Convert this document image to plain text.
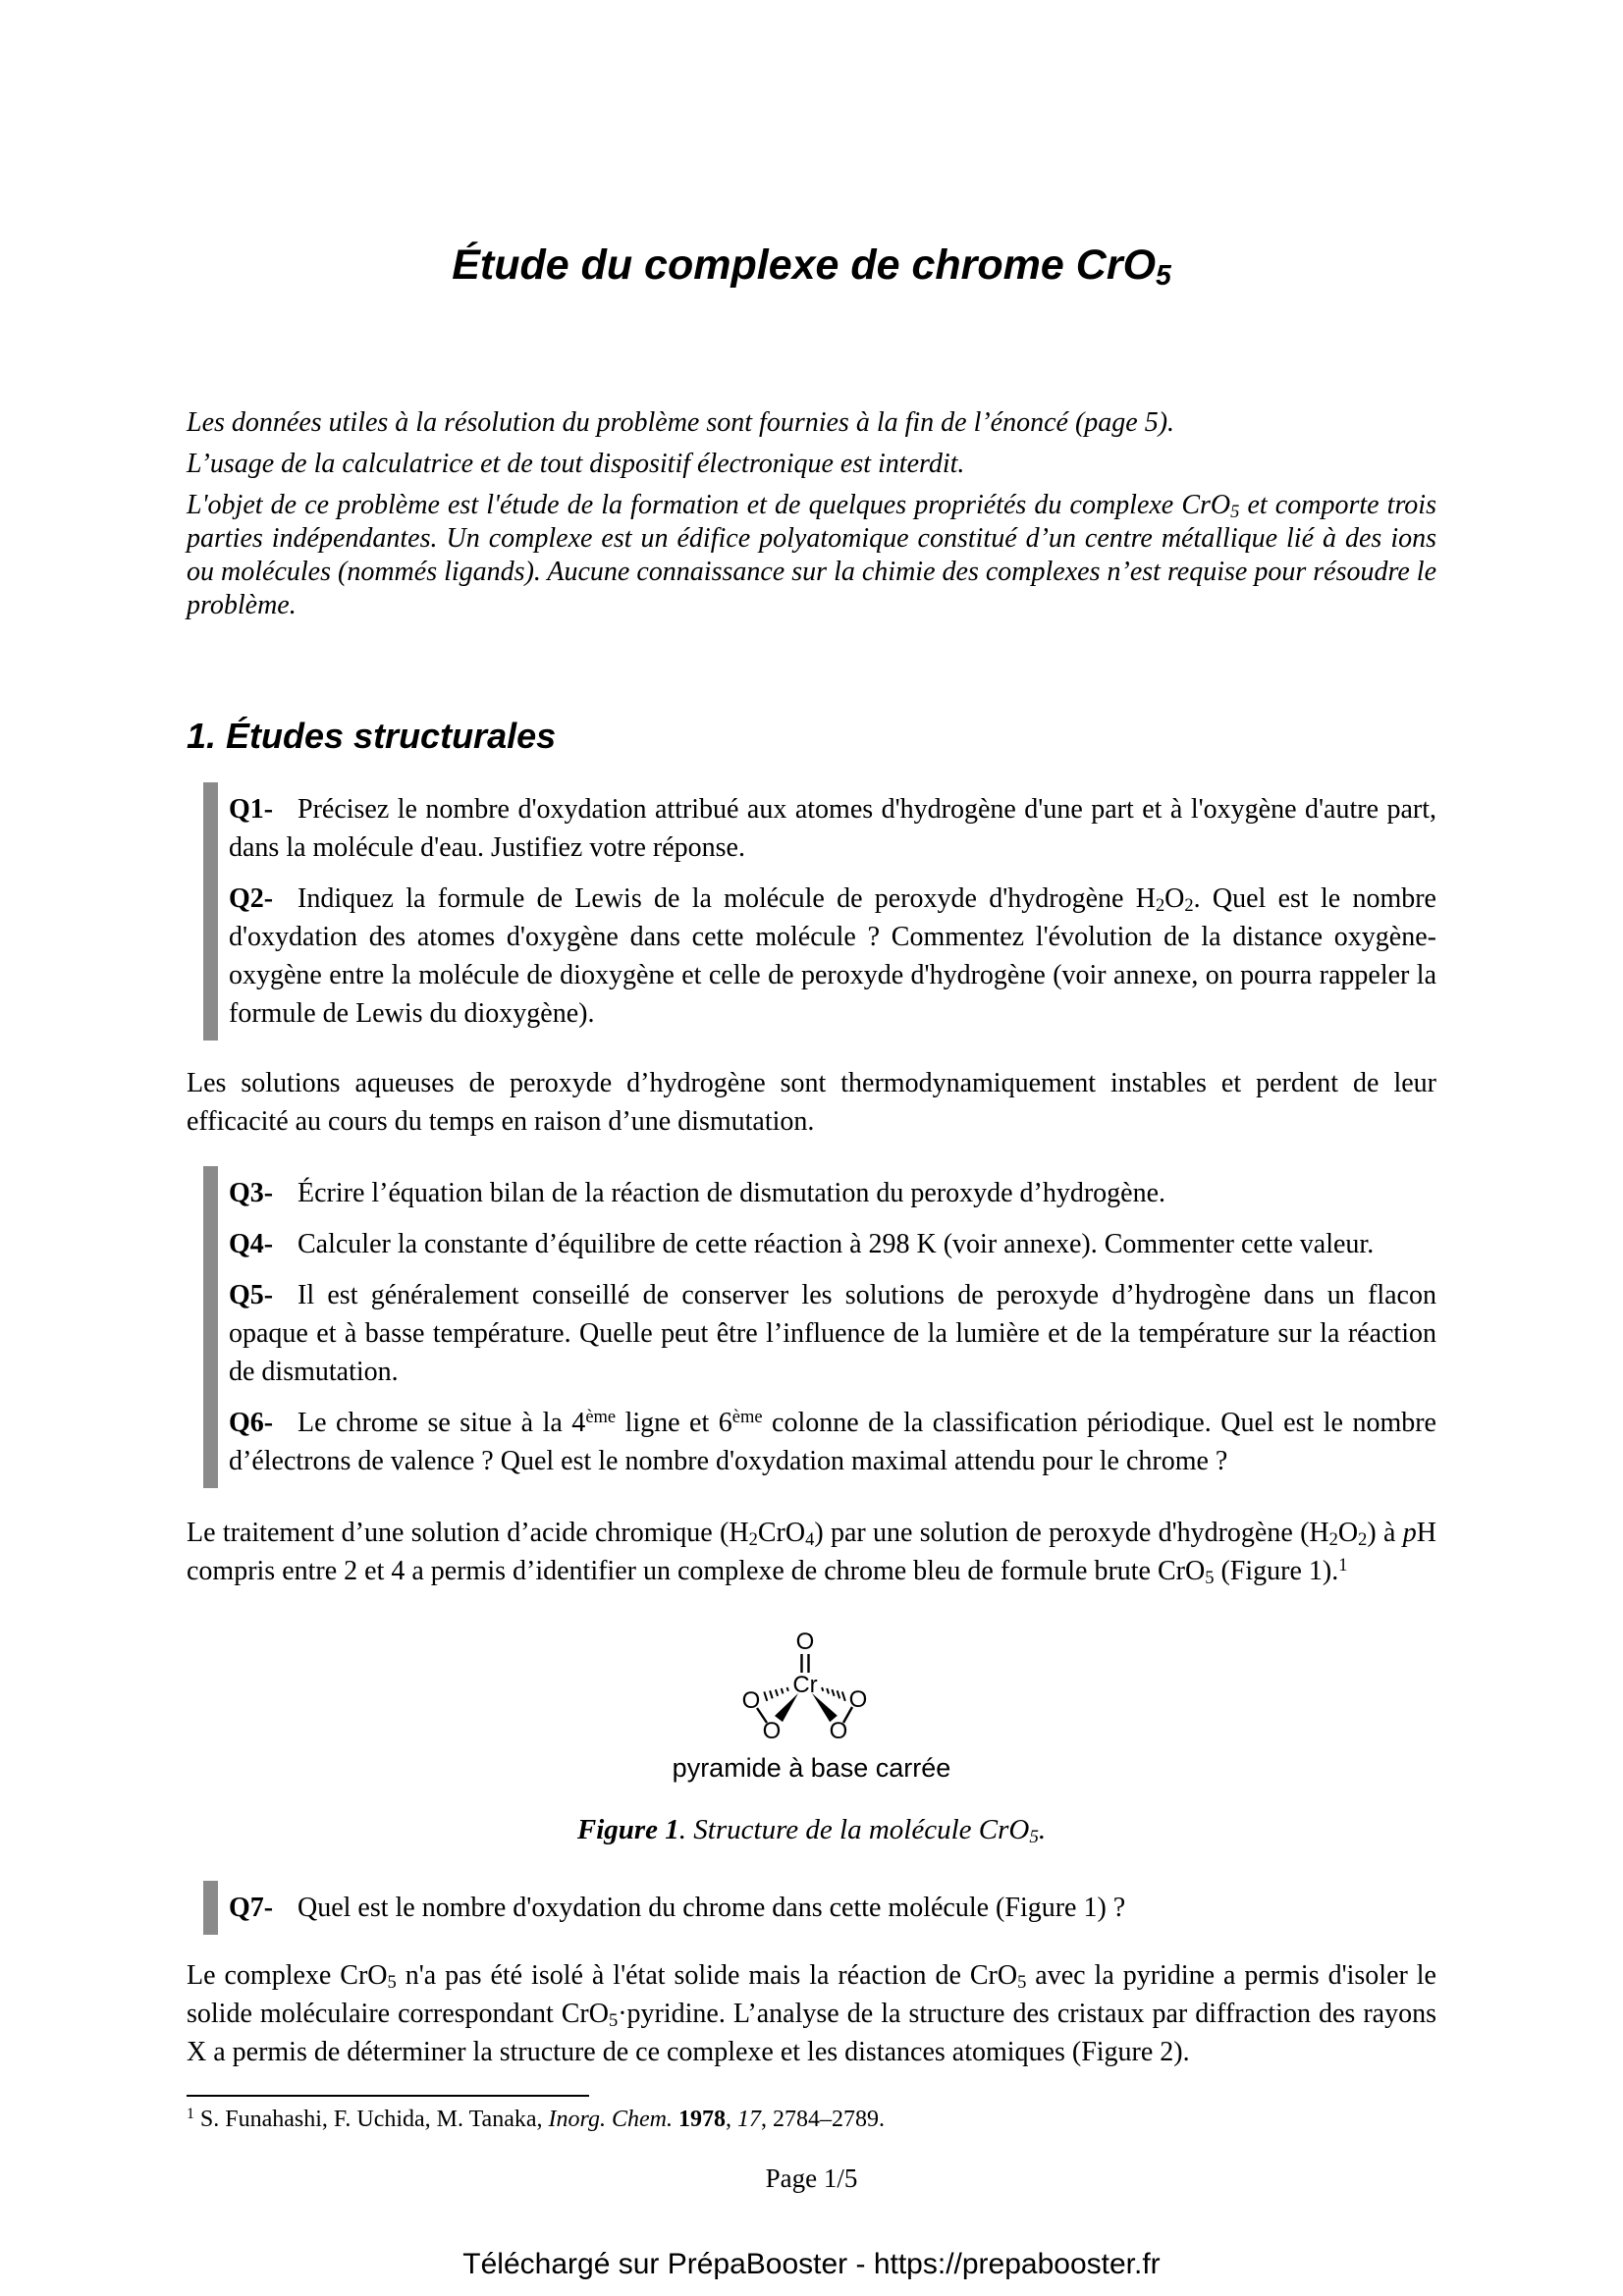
Étude du complexe de chrome CrO$_5$

Les données utiles à la résolution du problème sont fournies à la fin de l’énoncé (page 5).

L’usage de la calculatrice et de tout dispositif électronique est interdit.

L'objet de ce problème est l'étude de la formation et de quelques propriétés du complexe CrO$_5$ et comporte trois parties indépendantes. Un complexe est un édifice polyatomique constitué d’un centre métallique lié à des ions ou molécules (nommés ligands). Aucune connaissance sur la chimie des complexes n’est requise pour résoudre le problème.

1. Études structurales

Q1- Précisez le nombre d'oxydation attribué aux atomes d'hydrogène d'une part et à l'oxygène d'autre part, dans la molécule d'eau. Justifiez votre réponse.

Q2- Indiquez la formule de Lewis de la molécule de peroxyde d'hydrogène $H_2O_2$. Quel est le nombre d'oxydation des atomes d'oxygène dans cette molécule ? Commentez l'évolution de la distance oxygène-oxygène entre la molécule de dioxygène et celle de peroxyde d'hydrogène (voir annexe, on pourra rappeler la formule de Lewis du dioxygène).

Les solutions aqueuses de peroxyde d’hydrogène sont thermodynamiquement instables et perdent de leur efficacité au cours du temps en raison d’une dismutation.

Q3- Écrire l’équation bilan de la réaction de dismutation du peroxyde d’hydrogène.

Q4- Calculer la constante d’équilibre de cette réaction à 298 K (voir annexe). Commenter cette valeur.

Q5- Il est généralement conseillé de conserver les solutions de peroxyde d’hydrogène dans un flacon opaque et à basse température. Quelle peut être l’influence de la lumière et de la température sur la réaction de dismutation.

Q6- Le chrome se situe à la 4ème ligne et 6ème colonne de la classification périodique. Quel est le nombre d’électrons de valence ? Quel est le nombre d'oxydation maximal attendu pour le chrome ?

Le traitement d’une solution d’acide chromique $(H_2CrO_4)$ par une solution de peroxyde d'hydrogène $(H_2O_2)$ à pH compris entre 2 et 4 a permis d’identifier un complexe de chrome bleu de formule brute CrO$_5$ (Figure 1).$^1$

O
Cr
O	O
O O
pyramide à base carrée

Figure 1. Structure de la molécule CrO$_5$.

Q7- Quel est le nombre d'oxydation du chrome dans cette molécule (Figure 1) ?

Le complexe CrO$_5$ n'a pas été isolé à l'état solide mais la réaction de CrO$_5$ avec la pyridine a permis d'isoler le solide moléculaire correspondant CrO$_5$·pyridine. L’analyse de la structure des cristaux par diffraction des rayons X a permis de déterminer la structure de ce complexe et les distances atomiques (Figure 2).

$^1$ S. Funahashi, F. Uchida, M. Tanaka, Inorg. Chem. 1978, 17, 2784–2789.

Page 1/5

Téléchargé sur PrépaBooster - https://prepabooster.fr
